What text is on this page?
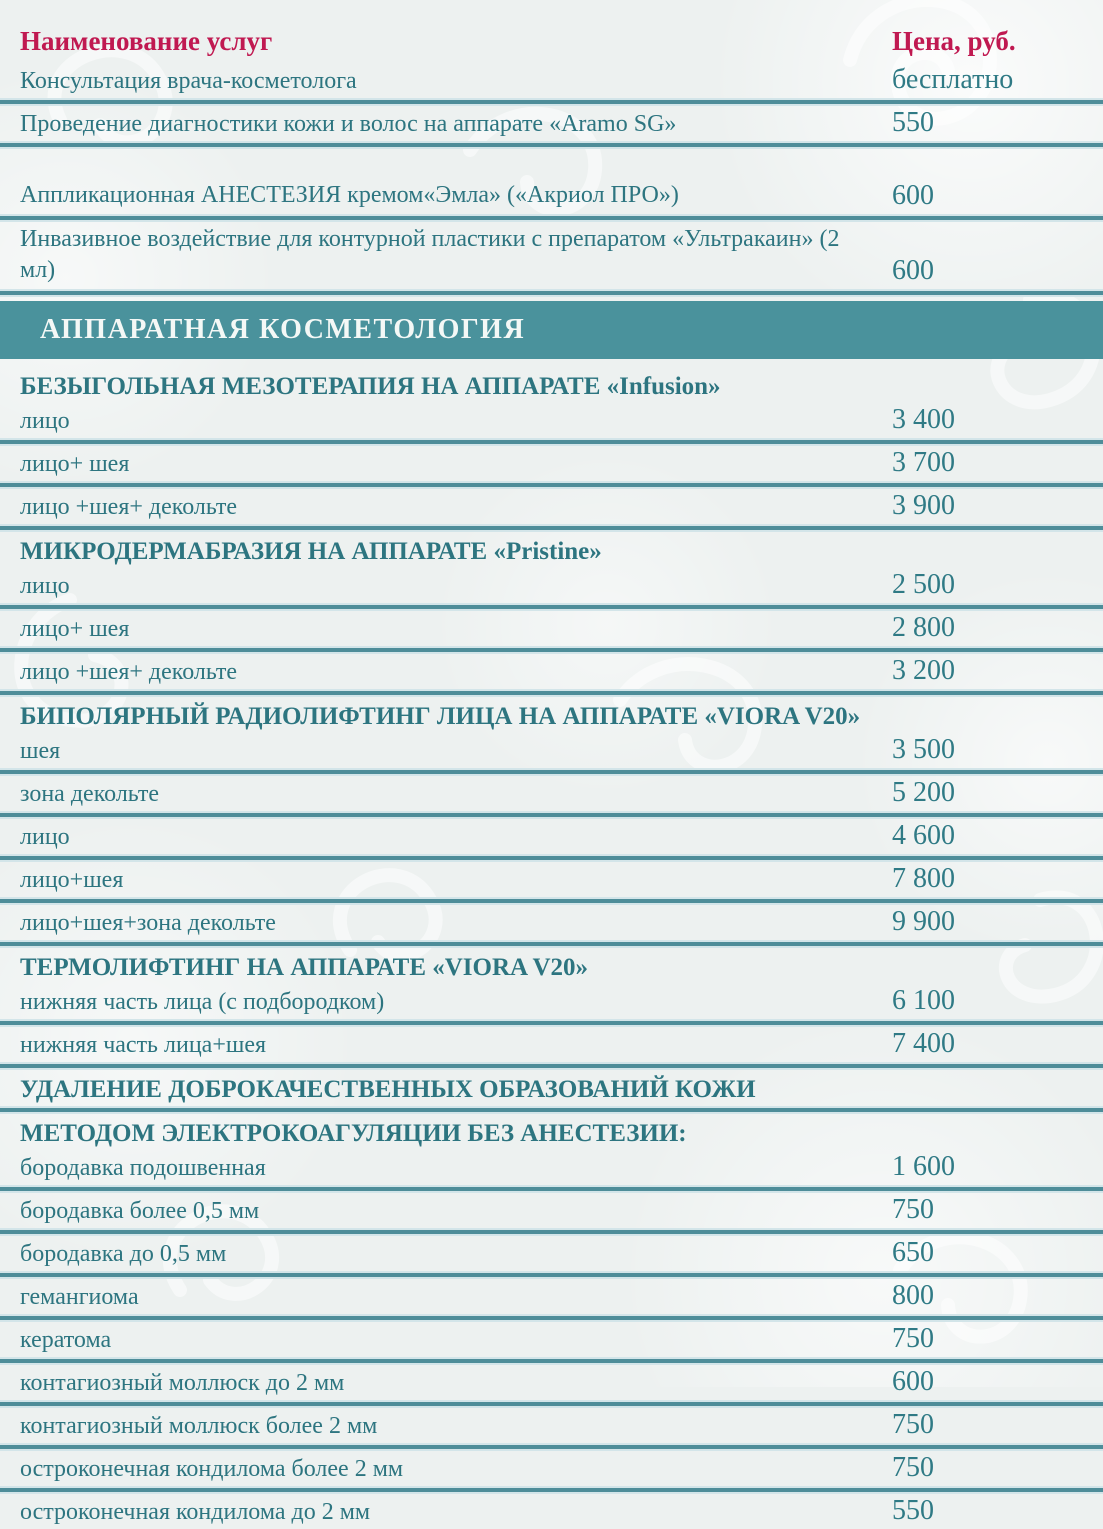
Наименование услуг	Цена, руб.
Консультация врача-косметолога	бесплатно
Проведение диагностики кожи и волос на аппарате «Aramo SG»	550
Аппликационная АНЕСТЕЗИЯ кремом«Эмла» («Акриол ПРО»)	600
Инвазивное воздействие для контурной пластики с препаратом «Ультракаин» (2 мл)	600
АППАРАТНАЯ КОСМЕТОЛОГИЯ
БЕЗЫГОЛЬНАЯ МЕЗОТЕРАПИЯ НА АППАРАТЕ «Infusion»
лицо	3 400
лицо+ шея	3 700
лицо +шея+ декольте	3 900
МИКРОДЕРМАБРАЗИЯ НА АППАРАТЕ «Pristine»
лицо	2 500
лицо+ шея	2 800
лицо +шея+ декольте	3 200
БИПОЛЯРНЫЙ РАДИОЛИФТИНГ ЛИЦА НА АППАРАТЕ «VIORA V20»
шея	3 500
зона декольте	5 200
лицо	4 600
лицо+шея	7 800
лицо+шея+зона декольте	9 900
ТЕРМОЛИФТИНГ НА АППАРАТЕ «VIORA V20»
нижняя часть лица (с подбородком)	6 100
нижняя часть лица+шея	7 400
УДАЛЕНИЕ ДОБРОКАЧЕСТВЕННЫХ ОБРАЗОВАНИЙ КОЖИ
МЕТОДОМ ЭЛЕКТРОКОАГУЛЯЦИИ БЕЗ АНЕСТЕЗИИ:
бородавка подошвенная	1 600
бородавка более 0,5 мм	750
бородавка до 0,5 мм	650
гемангиома	800
кератома	750
контагиозный моллюск до 2 мм	600
контагиозный моллюск более 2 мм	750
остроконечная кондилома более 2 мм	750
остроконечная кондилома до 2 мм	550
